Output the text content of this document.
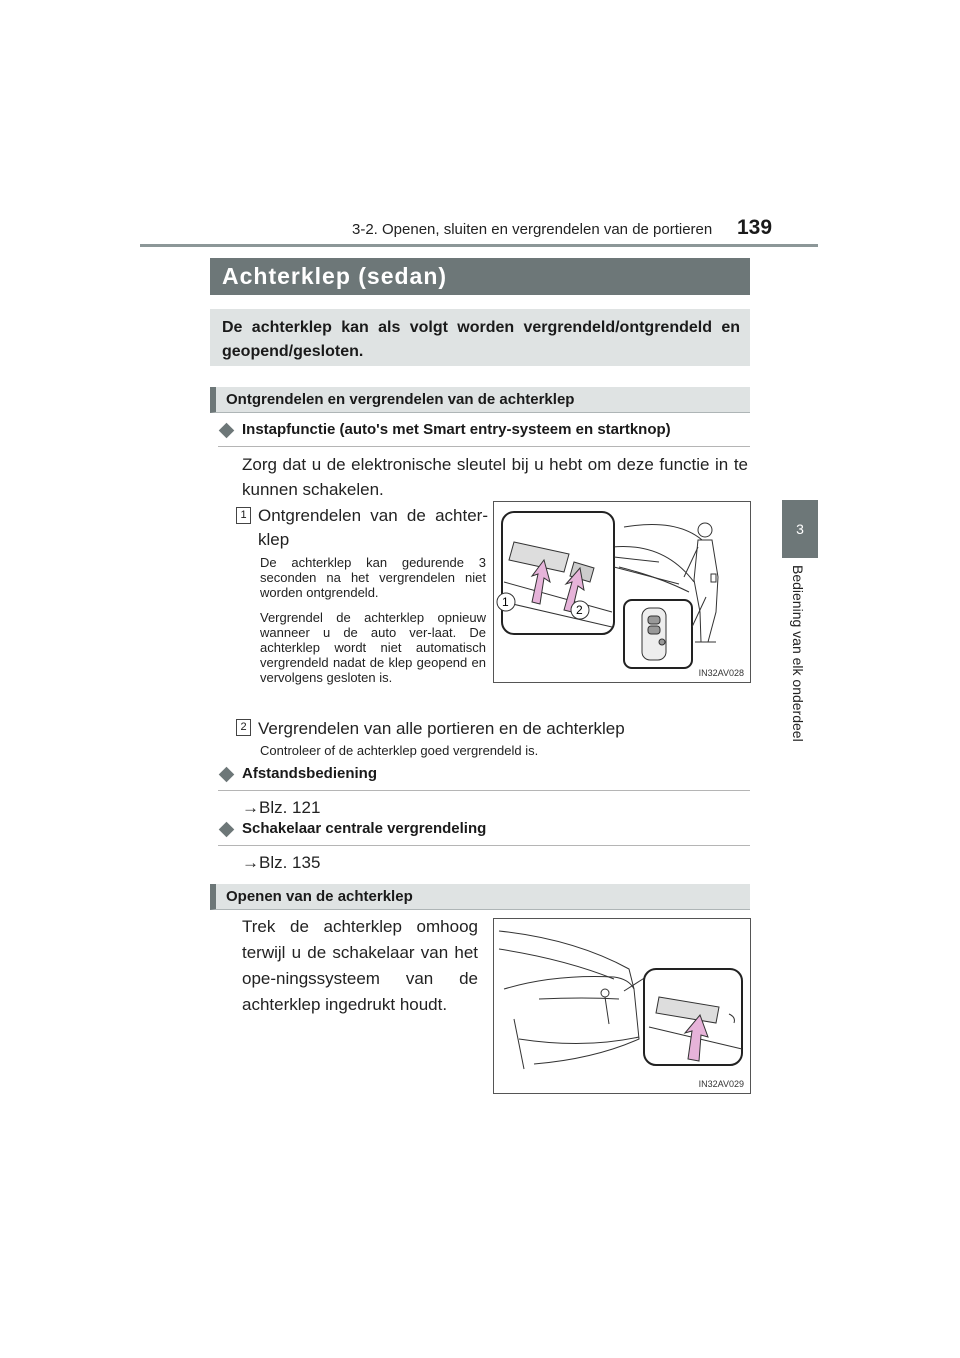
3-2. Openen, sluiten en vergrendelen van de portieren 139
3
Bediening van elk onderdeel
Achterklep (sedan)
De achterklep kan als volgt worden vergrendeld/ontgrendeld en geopend/gesloten.
Ontgrendelen en vergrendelen van de achterklep
Instapfunctie (auto's met Smart entry-systeem en startknop)
Zorg dat u de elektronische sleutel bij u hebt om deze functie in te kunnen schakelen.
1 Ontgrendelen van de achter-
klep
De achterklep kan gedurende 3 seconden na het vergrendelen niet worden ontgrendeld.
Vergrendel de achterklep opnieuw wanneer u de auto ver-laat. De achterklep wordt niet automatisch vergrendeld nadat de klep geopend en vervolgens gesloten is.
1
2
IN32AV028
2 Vergrendelen van alle portieren en de achterklep
Controleer of de achterklep goed vergrendeld is.
Afstandsbediening
→Blz. 121
Schakelaar centrale vergrendeling
→Blz. 135
Openen van de achterklep
Trek de achterklep omhoog terwijl u de schakelaar van het ope-ningssysteem van de achterklep ingedrukt houdt.
IN32AV029
